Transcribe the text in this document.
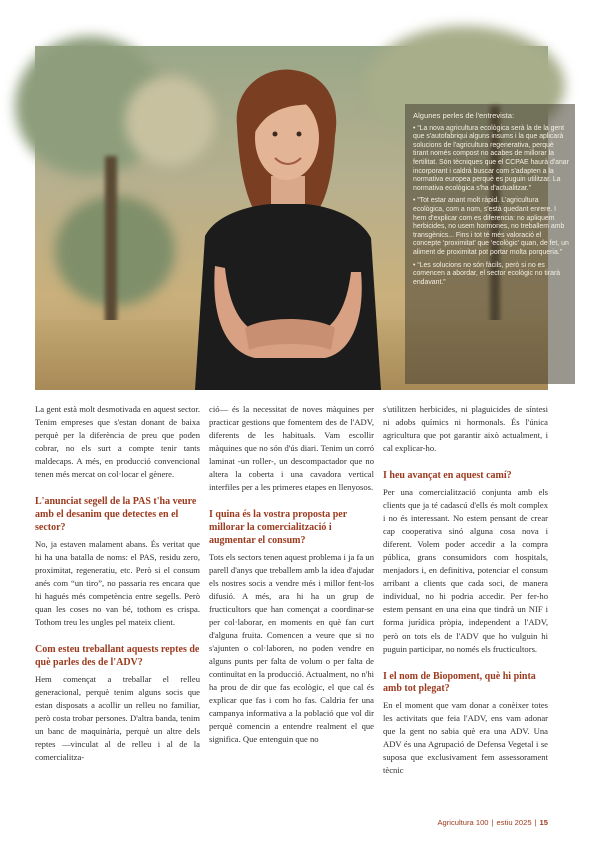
Algunes perles de l'entrevista:
• “La nova agricultura ecològica serà la de la gent que s'autofabriqui alguns insums i la que aplicarà solucions de l'agricultura regenerativa, perquè tirant només compost no acabes de millorar la fertilitat. Són tècniques que el CCPAE haurà d'anar incorporant i caldrà buscar com s'adapten a la normativa europea perquè es puguin utilitzar. La normativa ecològica s'ha d'actualitzar.”
• “Tot estar anant molt ràpid. L'agricultura ecològica, com a nom, s'està quedant enrere. I hem d'explicar com es diferencia: no apliquem herbicides, no usem hormones, no treballem amb transgènics... Fins i tot té més valoració el concepte ‘proximitat’ que ‘ecològic’ quan, de fet, un aliment de proximitat pot portar molta porqueria.”
• “Les solucions no són fàcils, però si no es comencen a abordar, el sector ecològic no tirarà endavant.”

La gent està molt desmotivada en aquest sector. Tenim empreses que s'estan donant de baixa perquè per la diferència de preu que poden cobrar, no els surt a compte tenir tants maldecaps. A més, en producció convencional tenen més mercat on col·locar el gènere.

L'anunciat segell de la PAS t'ha veure amb el desanim que detectes en el sector?

No, ja estaven malament abans. És veritat que hi ha una batalla de noms: el PAS, residu zero, proximitat, regeneratiu, etc. Però si el consum anés com “un tiro”, no passaria res encara que hi hagués més competència entre segells. Però quan les coses no van bé, tothom es crispa. Tothom treu les ungles pel mateix client.

Com esteu treballant aquests reptes de què parles des de l'ADV?

Hem començat a treballar el relleu generacional, perquè tenim alguns socis que estan disposats a acollir un relleu no familiar, però costa trobar persones. D'altra banda, tenim un banc de maquinària, perquè un altre dels reptes —vinculat al de relleu i al de la comercialitza-

ció— és la necessitat de noves màquines per practicar gestions que fomentem des de l'ADV, diferents de les habituals. Vam escollir màquines que no són d'ús diari. Tenim un corró laminat -un roller-, un descompactador que no altera la coberta i una cavadora vertical interfiles per a les primeres etapes en llenyosos.

I quina és la vostra proposta per millorar la comercialització i augmentar el consum?

Tots els sectors tenen aquest problema i ja fa un parell d'anys que treballem amb la idea d'ajudar els nostres socis a vendre més i millor fent-los difusió. A més, ara hi ha un grup de fructicultors que han començat a coordinar-se per col·laborar, en moments en què fan curt d'alguna fruita. Comencen a veure que si no s'ajunten o col·laboren, no poden vendre en alguns punts per falta de volum o per falta de continuïtat en la producció. Actualment, no n'hi ha prou de dir que fas ecològic, el que cal és explicar que fas i com ho fas. Caldria fer una campanya informativa a la població que vol dir perquè comencin a entendre realment el que significa. Que entenguin que no

s'utilitzen herbicides, ni plaguicides de síntesi ni adobs químics ni hormonals. És l'única agricultura que pot garantir això actualment, i cal explicar-ho.

I heu avançat en aquest camí?

Per una comercialització conjunta amb els clients que ja té cadascú d'ells és molt complex i no és interessant. No estem pensant de crear cap cooperativa sinó alguna cosa nova i diferent. Volem poder accedir a la compra pública, grans consumidors com hospitals, menjadors i, en definitiva, potenciar el consum arribant a clients que cada soci, de manera individual, no hi podria accedir. Per fer-ho estem pensant en una eina que tindrà un NIF i forma jurídica pròpia, independent a l'ADV, però on tots els de l'ADV que ho vulguin hi puguin participar, no només els fructicultors.

I el nom de Biopoment, què hi pinta amb tot plegat?

En el moment que vam donar a conèixer totes les activitats que feia l'ADV, ens vam adonar que la gent no sabia què era una ADV. Una ADV és una Agrupació de Defensa Vegetal i se suposa que exclusivament fem assessorament tècnic

Agricultura 100 | estiu 2025 | 15
